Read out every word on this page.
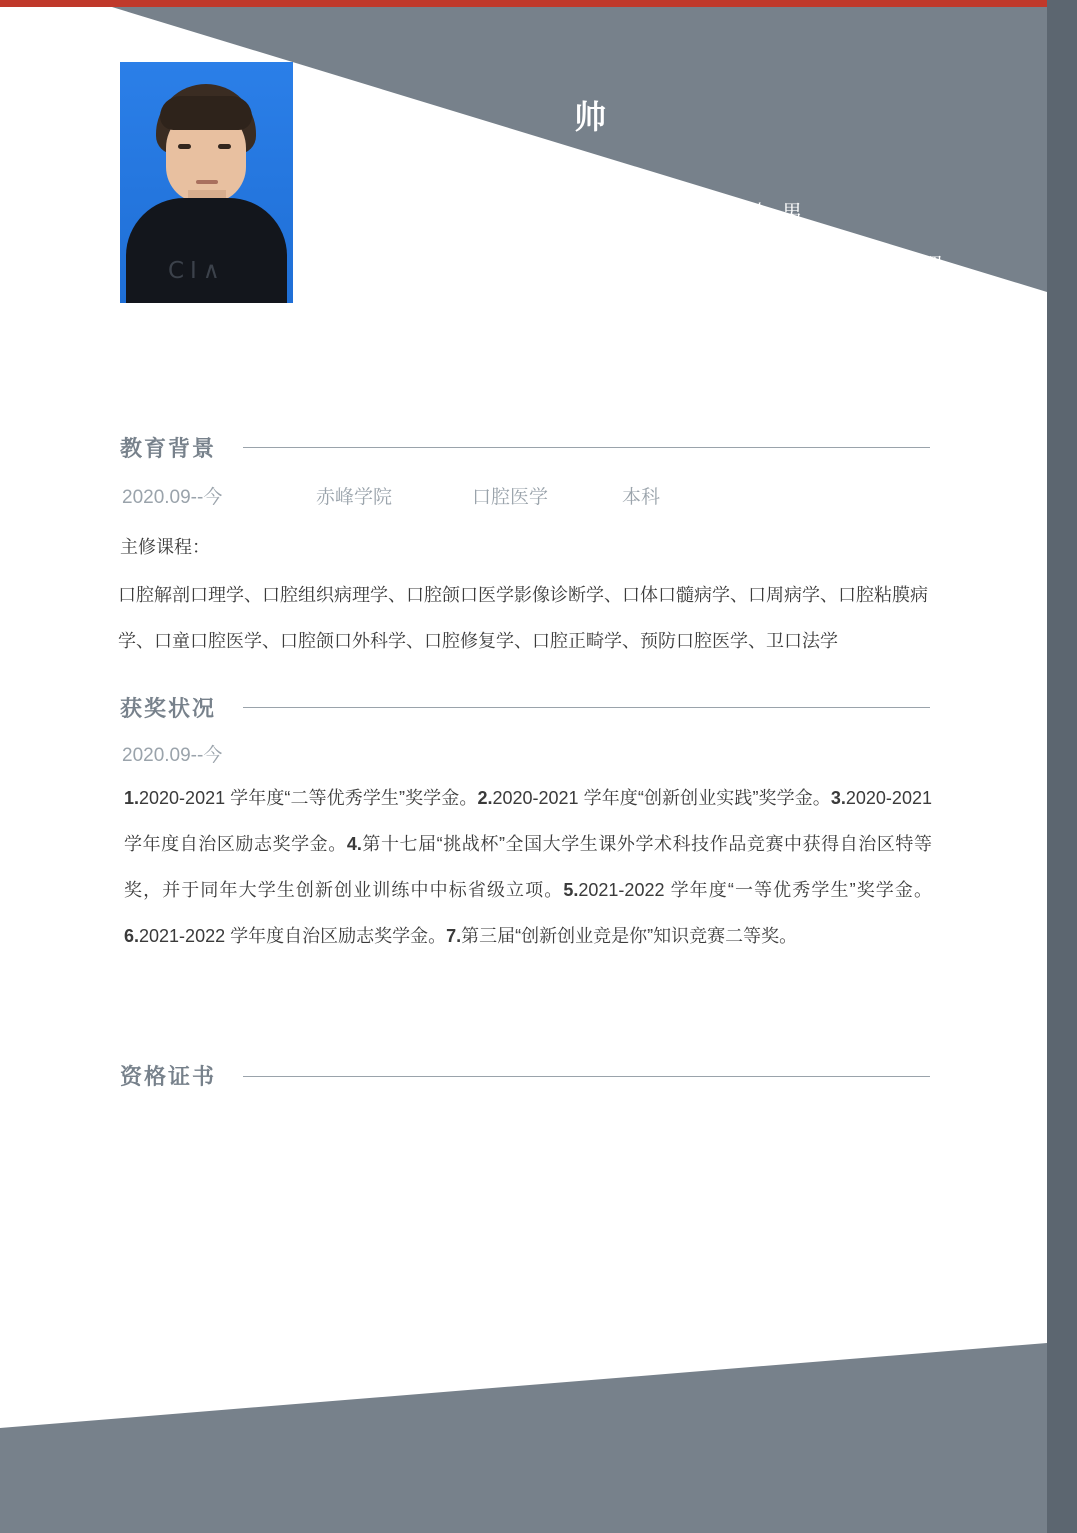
CI∧
梁　　帅
手机：18504860542
政治面貌：共青团员
邮箱：429307038@qq.com
性别：男
求职岗位：口腔医生助理
就读院校：赤峰学院
出生年月：2002 年 4 月
教育背景
2020.09--今	赤峰学院	口腔医学	本科
主修课程：
口腔解剖口理学、口腔组织病理学、口腔颌口医学影像诊断学、口体口髓病学、口周病学、口腔粘膜病学、口童口腔医学、口腔颌口外科学、口腔修复学、口腔正畸学、预防口腔医学、卫口法学
获奖状况
2020.09--今
1.2020-2021 学年度“二等优秀学生”奖学金。2.2020-2021 学年度“创新创业实践”奖学金。3.2020-2021 学年度自治区励志奖学金。4.第十七届“挑战杯”全国大学生课外学术科技作品竞赛中获得自治区特等奖，并于同年大学生创新创业训练中中标省级立项。5.2021-2022 学年度“一等优秀学生”奖学金。6.2021-2022 学年度自治区励志奖学金。7.第三届“创新创业竞是你”知识竞赛二等奖。
资格证书
